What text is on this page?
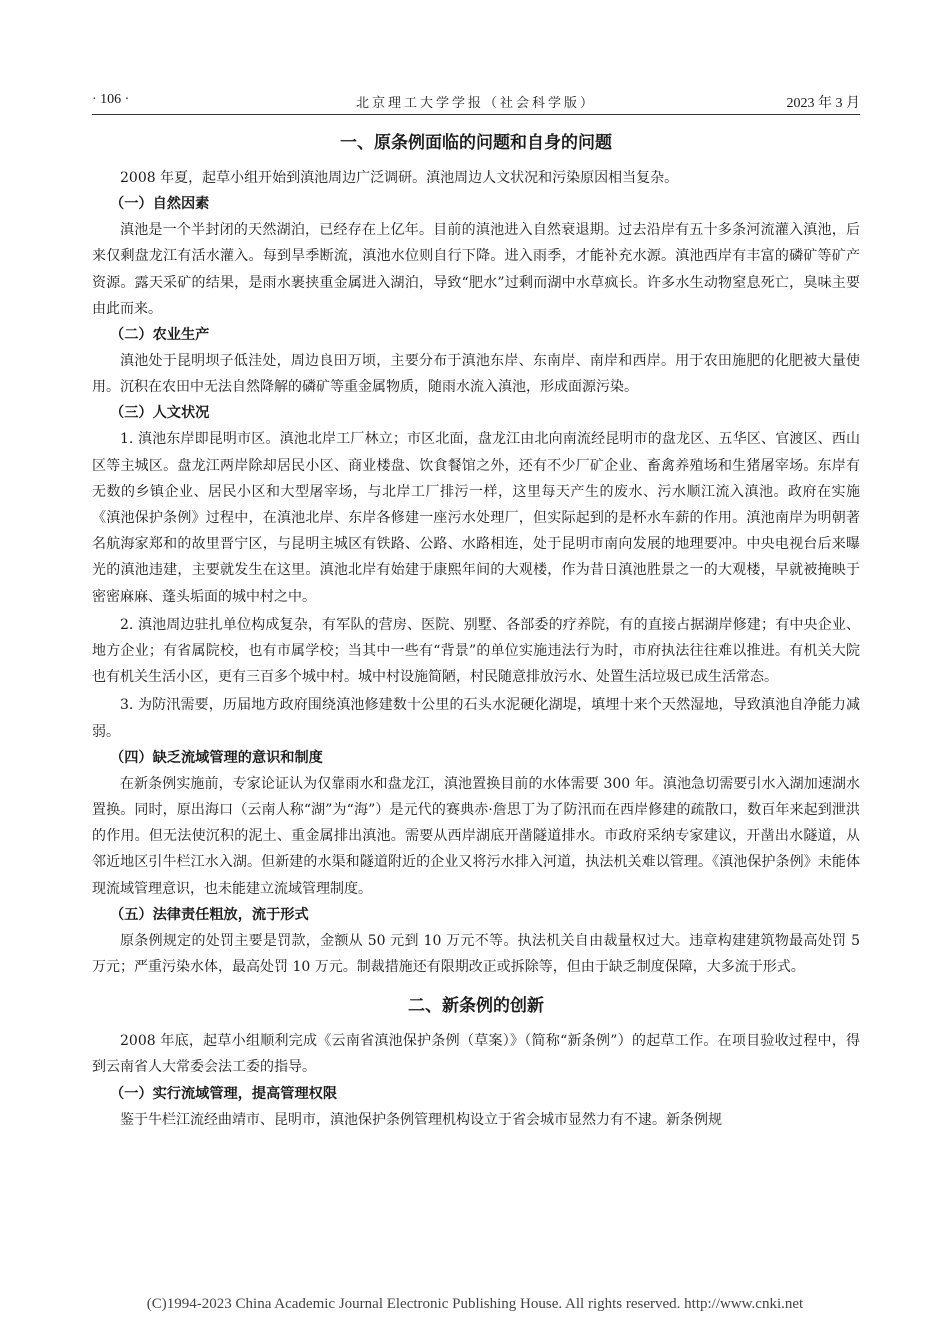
· 106 ·	北京理工大学学报（社会科学版）	2023 年 3 月
一、原条例面临的问题和自身的问题

2008 年夏，起草小组开始到滇池周边广泛调研。滇池周边人文状况和污染原因相当复杂。

（一）自然因素

滇池是一个半封闭的天然湖泊，已经存在上亿年。目前的滇池进入自然衰退期。过去沿岸有五十多条河流灌入滇池，后来仅剩盘龙江有活水灌入。每到旱季断流，滇池水位则自行下降。进入雨季，才能补充水源。滇池西岸有丰富的磷矿等矿产资源。露天采矿的结果，是雨水裹挟重金属进入湖泊，导致“肥水”过剩而湖中水草疯长。许多水生动物窒息死亡，臭味主要由此而来。

（二）农业生产

滇池处于昆明坝子低洼处，周边良田万顷，主要分布于滇池东岸、东南岸、南岸和西岸。用于农田施肥的化肥被大量使用。沉积在农田中无法自然降解的磷矿等重金属物质，随雨水流入滇池，形成面源污染。

（三）人文状况

1. 滇池东岸即昆明市区。滇池北岸工厂林立；市区北面，盘龙江由北向南流经昆明市的盘龙区、五华区、官渡区、西山区等主城区。盘龙江两岸除却居民小区、商业楼盘、饮食餐馆之外，还有不少厂矿企业、畜禽养殖场和生猪屠宰场。东岸有无数的乡镇企业、居民小区和大型屠宰场，与北岸工厂排污一样，这里每天产生的废水、污水顺江流入滇池。政府在实施《滇池保护条例》过程中，在滇池北岸、东岸各修建一座污水处理厂，但实际起到的是杯水车薪的作用。滇池南岸为明朝著名航海家郑和的故里晋宁区，与昆明主城区有铁路、公路、水路相连，处于昆明市南向发展的地理要冲。中央电视台后来曝光的滇池违建，主要就发生在这里。滇池北岸有始建于康熙年间的大观楼，作为昔日滇池胜景之一的大观楼，早就被掩映于密密麻麻、蓬头垢面的城中村之中。

2. 滇池周边驻扎单位构成复杂，有军队的营房、医院、别墅、各部委的疗养院，有的直接占据湖岸修建；有中央企业、地方企业；有省属院校，也有市属学校；当其中一些有“背景”的单位实施违法行为时，市府执法往往难以推进。有机关大院也有机关生活小区，更有三百多个城中村。城中村设施简陋，村民随意排放污水、处置生活垃圾已成生活常态。

3. 为防汛需要，历届地方政府围绕滇池修建数十公里的石头水泥硬化湖堤，填埋十来个天然湿地，导致滇池自净能力减弱。

（四）缺乏流域管理的意识和制度

在新条例实施前，专家论证认为仅靠雨水和盘龙江，滇池置换目前的水体需要 300 年。滇池急切需要引水入湖加速湖水置换。同时，原出海口（云南人称“湖”为“海”）是元代的赛典赤·詹思丁为了防汛而在西岸修建的疏散口，数百年来起到泄洪的作用。但无法使沉积的泥土、重金属排出滇池。需要从西岸湖底开凿隧道排水。市政府采纳专家建议，开凿出水隧道，从邻近地区引牛栏江水入湖。但新建的水渠和隧道附近的企业又将污水排入河道，执法机关难以管理。《滇池保护条例》未能体现流域管理意识，也未能建立流域管理制度。

（五）法律责任粗放，流于形式

原条例规定的处罚主要是罚款，金额从 50 元到 10 万元不等。执法机关自由裁量权过大。违章构建建筑物最高处罚 5 万元；严重污染水体，最高处罚 10 万元。制裁措施还有限期改正或拆除等，但由于缺乏制度保障，大多流于形式。

二、新条例的创新

2008 年底，起草小组顺利完成《云南省滇池保护条例（草案）》（简称“新条例”）的起草工作。在项目验收过程中，得到云南省人大常委会法工委的指导。

（一）实行流域管理，提高管理权限

鉴于牛栏江流经曲靖市、昆明市，滇池保护条例管理机构设立于省会城市显然力有不逮。新条例规

(C)1994-2023 China Academic Journal Electronic Publishing House. All rights reserved. http://www.cnki.net
